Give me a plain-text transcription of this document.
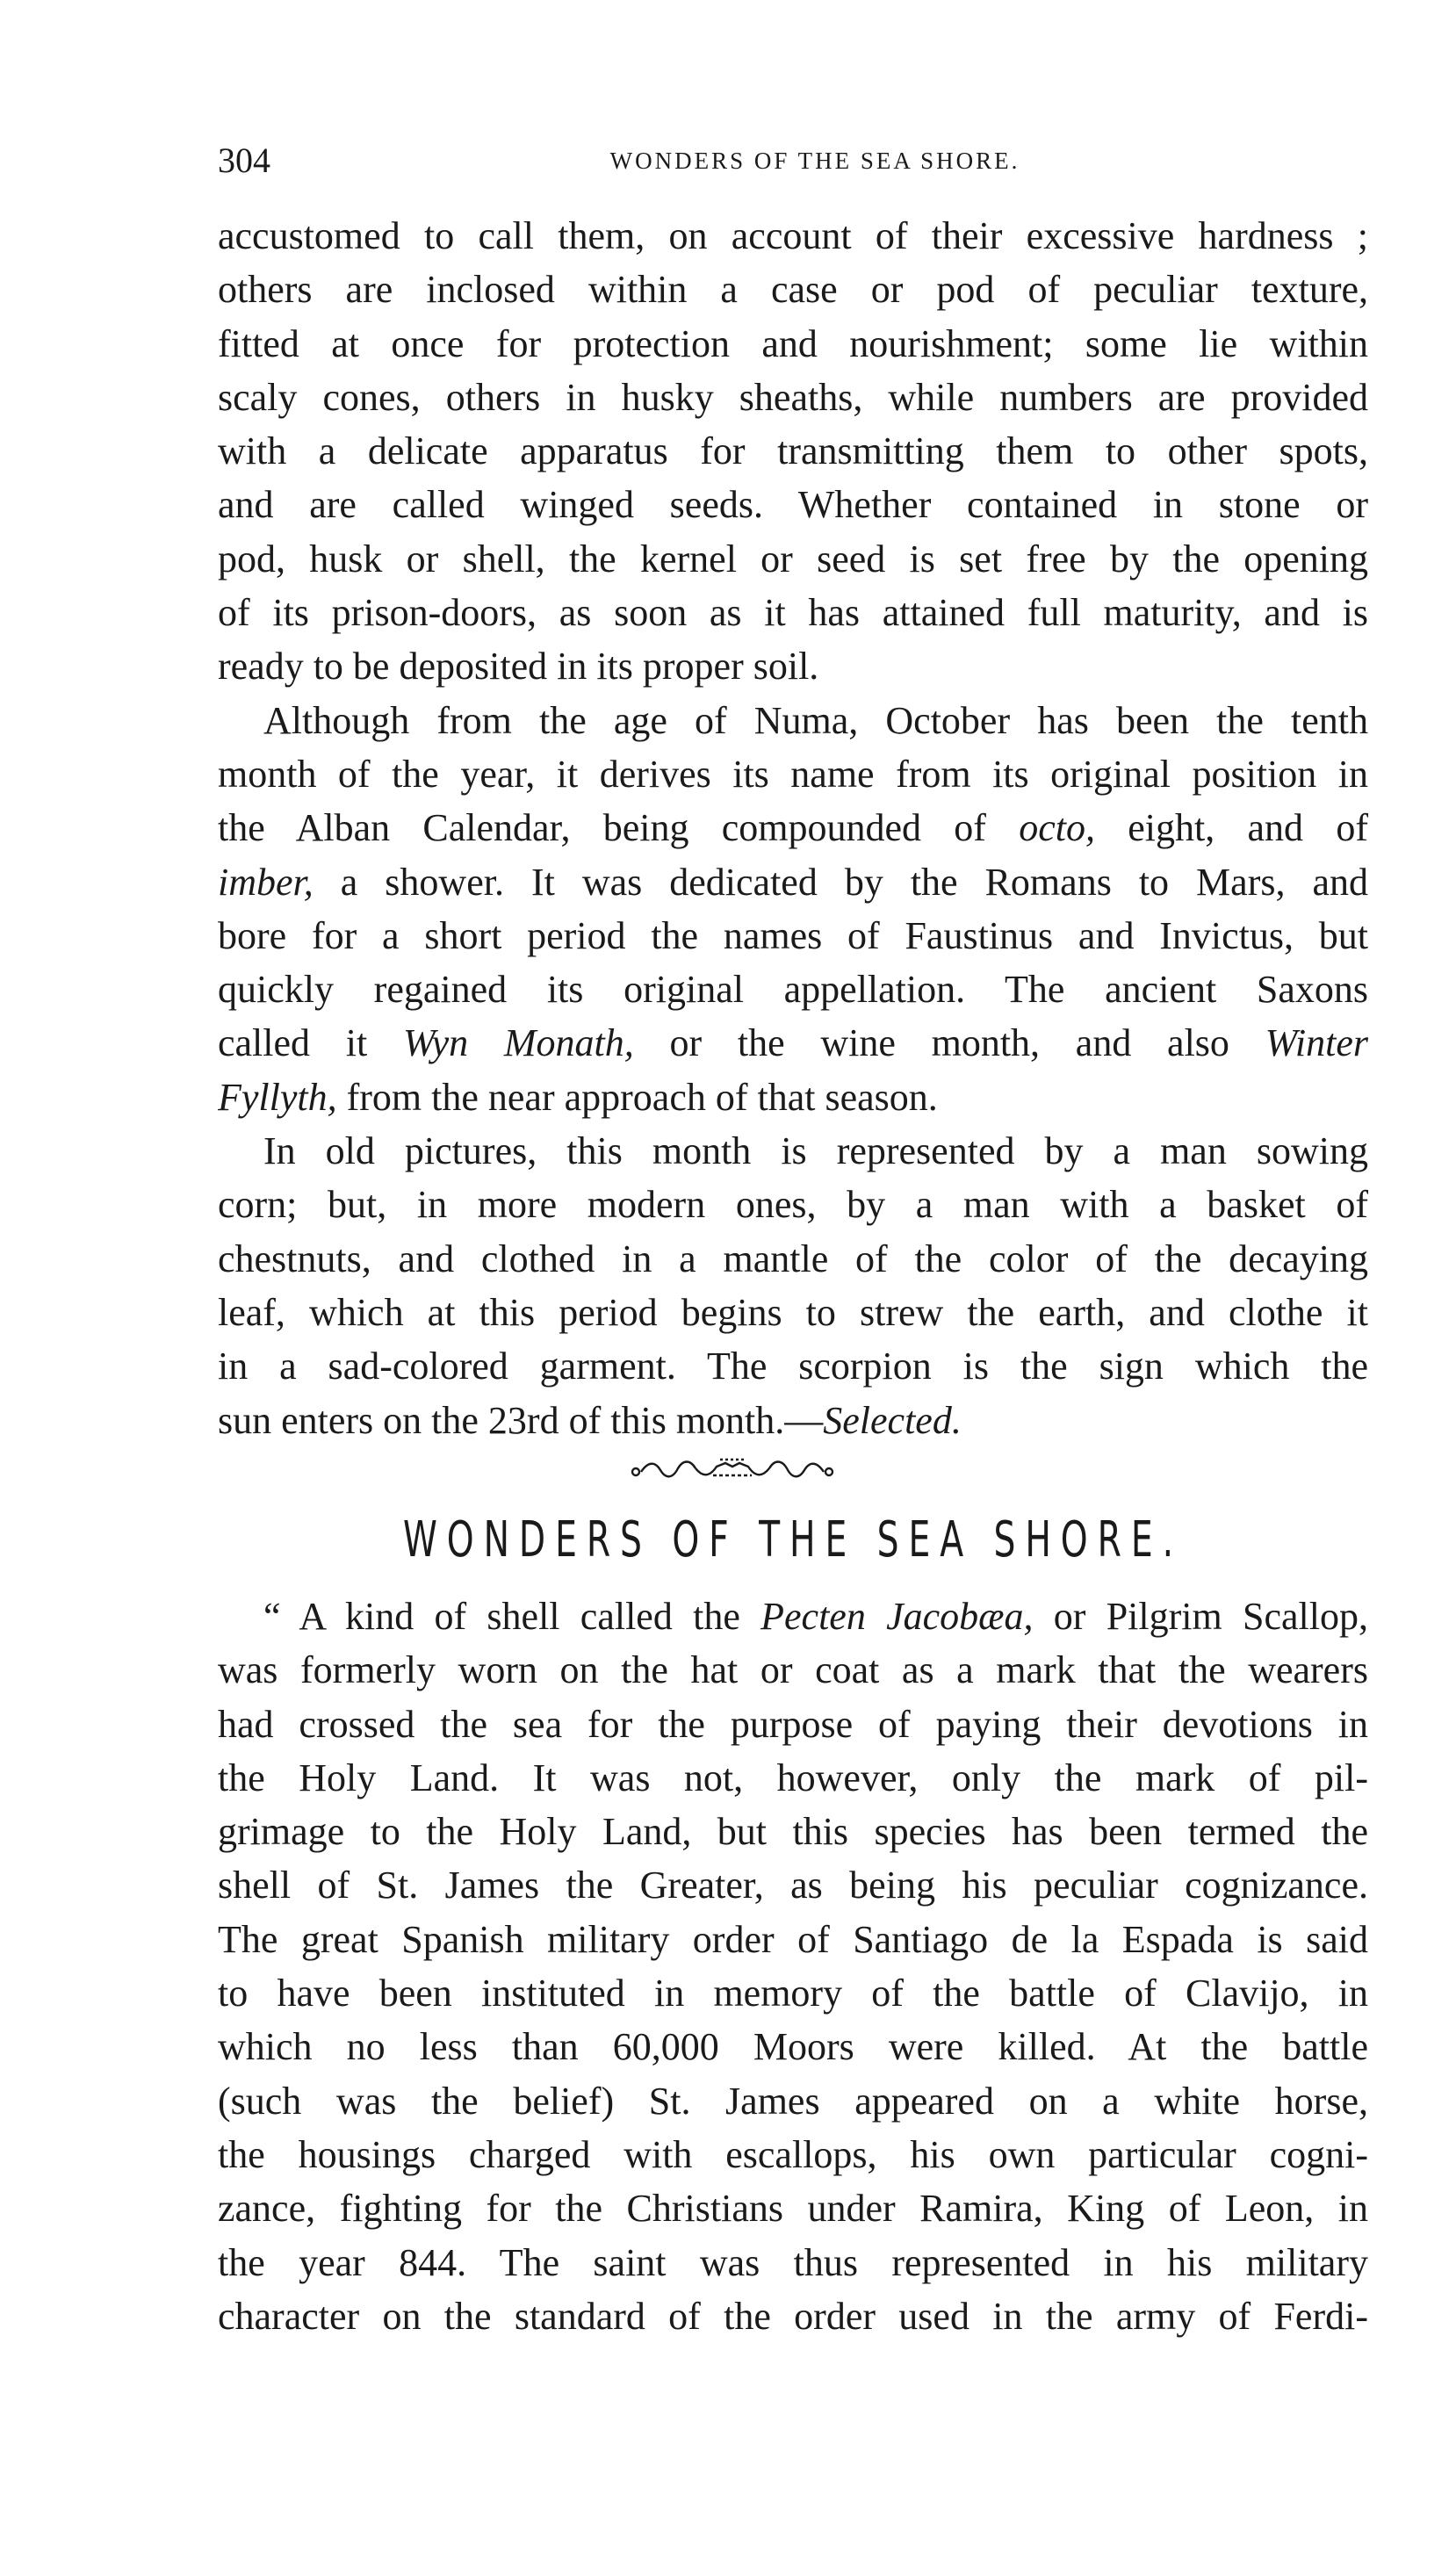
304	WONDERS OF THE SEA SHORE.
accustomed to call them, on account of their excessive hardness ;
others are inclosed within a case or pod of peculiar texture,
fitted at once for protection and nourishment; some lie within
scaly cones, others in husky sheaths, while numbers are provided
with a delicate apparatus for transmitting them to other spots,
and are called winged seeds. Whether contained in stone or
pod, husk or shell, the kernel or seed is set free by the opening
of its prison-doors, as soon as it has attained full maturity, and is
ready to be deposited in its proper soil.
Although from the age of Numa, October has been the tenth
month of the year, it derives its name from its original position in
the Alban Calendar, being compounded of octo, eight, and of
imber, a shower. It was dedicated by the Romans to Mars, and
bore for a short period the names of Faustinus and Invictus, but
quickly regained its original appellation. The ancient Saxons
called it Wyn Monath, or the wine month, and also Winter
Fyllyth, from the near approach of that season.
In old pictures, this month is represented by a man sowing
corn; but, in more modern ones, by a man with a basket of
chestnuts, and clothed in a mantle of the color of the decaying
leaf, which at this period begins to strew the earth, and clothe it
in a sad-colored garment. The scorpion is the sign which the
sun enters on the 23rd of this month.—Selected.
WONDERS OF THE SEA SHORE.
“ A kind of shell called the Pecten Jacobæa, or Pilgrim Scallop,
was formerly worn on the hat or coat as a mark that the wearers
had crossed the sea for the purpose of paying their devotions in
the Holy Land. It was not, however, only the mark of pil-
grimage to the Holy Land, but this species has been termed the
shell of St. James the Greater, as being his peculiar cognizance.
The great Spanish military order of Santiago de la Espada is said
to have been instituted in memory of the battle of Clavijo, in
which no less than 60,000 Moors were killed. At the battle
(such was the belief) St. James appeared on a white horse,
the housings charged with escallops, his own particular cogni-
zance, fighting for the Christians under Ramira, King of Leon, in
the year 844. The saint was thus represented in his military
character on the standard of the order used in the army of Ferdi-
